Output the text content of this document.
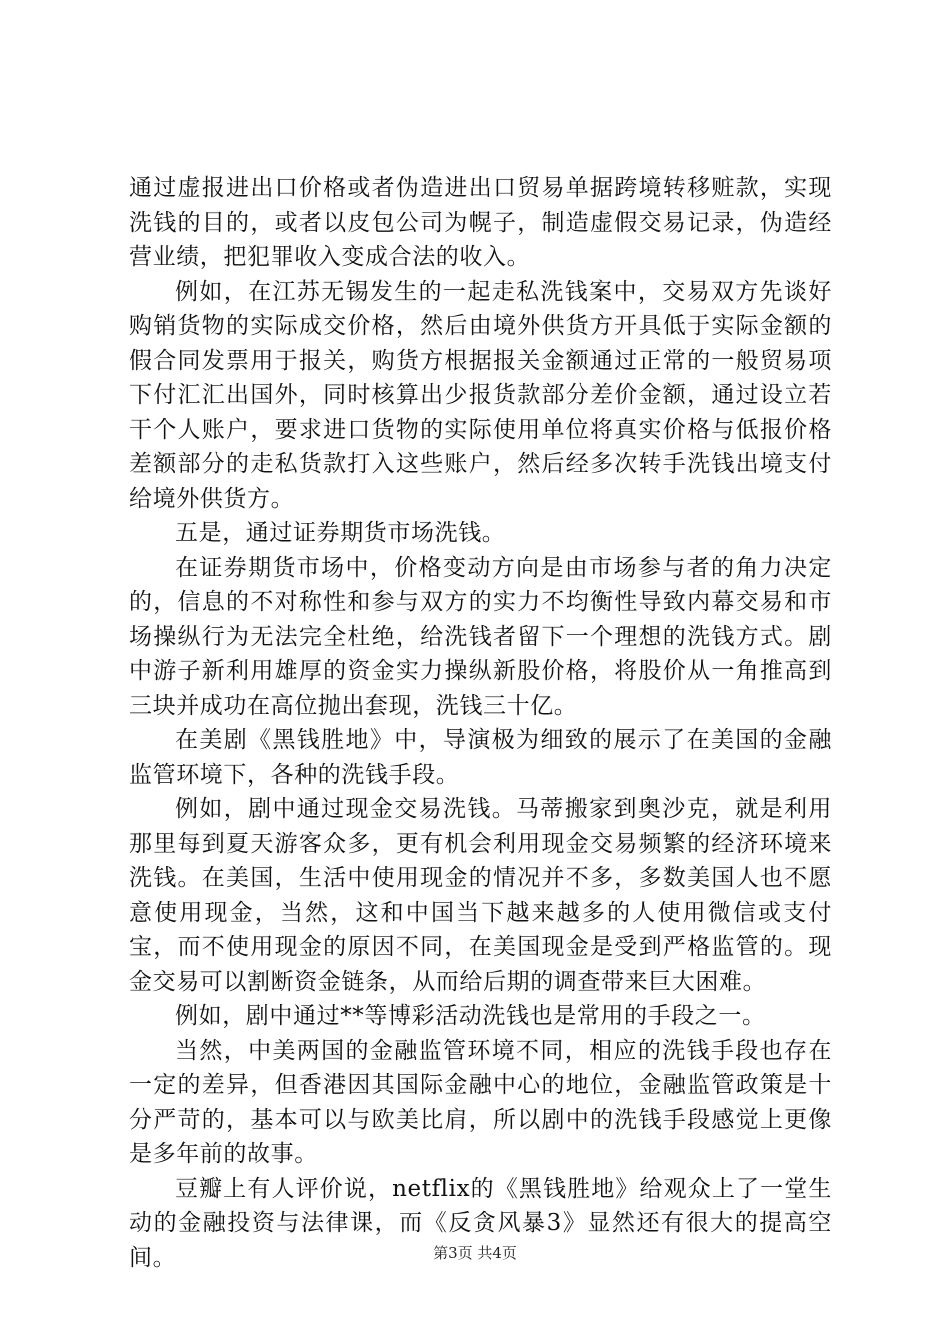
通过虚报进出口价格或者伪造进出口贸易单据跨境转移赃款，实现洗钱的目的，或者以皮包公司为幌子，制造虚假交易记录，伪造经营业绩，把犯罪收入变成合法的收入。

例如，在江苏无锡发生的一起走私洗钱案中，交易双方先谈好购销货物的实际成交价格，然后由境外供货方开具低于实际金额的假合同发票用于报关，购货方根据报关金额通过正常的一般贸易项下付汇汇出国外，同时核算出少报货款部分差价金额，通过设立若干个人账户，要求进口货物的实际使用单位将真实价格与低报价格差额部分的走私货款打入这些账户，然后经多次转手洗钱出境支付给境外供货方。

五是，通过证券期货市场洗钱。

在证券期货市场中，价格变动方向是由市场参与者的角力决定的，信息的不对称性和参与双方的实力不均衡性导致内幕交易和市场操纵行为无法完全杜绝，给洗钱者留下一个理想的洗钱方式。剧中游子新利用雄厚的资金实力操纵新股价格，将股价从一角推高到三块并成功在高位抛出套现，洗钱三十亿。

在美剧《黑钱胜地》中，导演极为细致的展示了在美国的金融监管环境下，各种的洗钱手段。

例如，剧中通过现金交易洗钱。马蒂搬家到奥沙克，就是利用那里每到夏天游客众多，更有机会利用现金交易频繁的经济环境来洗钱。在美国，生活中使用现金的情况并不多，多数美国人也不愿意使用现金，当然，这和中国当下越来越多的人使用微信或支付宝，而不使用现金的原因不同，在美国现金是受到严格监管的。现金交易可以割断资金链条，从而给后期的调查带来巨大困难。

例如，剧中通过**等博彩活动洗钱也是常用的手段之一。

当然，中美两国的金融监管环境不同，相应的洗钱手段也存在一定的差异，但香港因其国际金融中心的地位，金融监管政策是十分严苛的，基本可以与欧美比肩，所以剧中的洗钱手段感觉上更像是多年前的故事。

豆瓣上有人评价说，netflix的《黑钱胜地》给观众上了一堂生动的金融投资与法律课，而《反贪风暴3》显然还有很大的提高空间。	第3页 共4页
